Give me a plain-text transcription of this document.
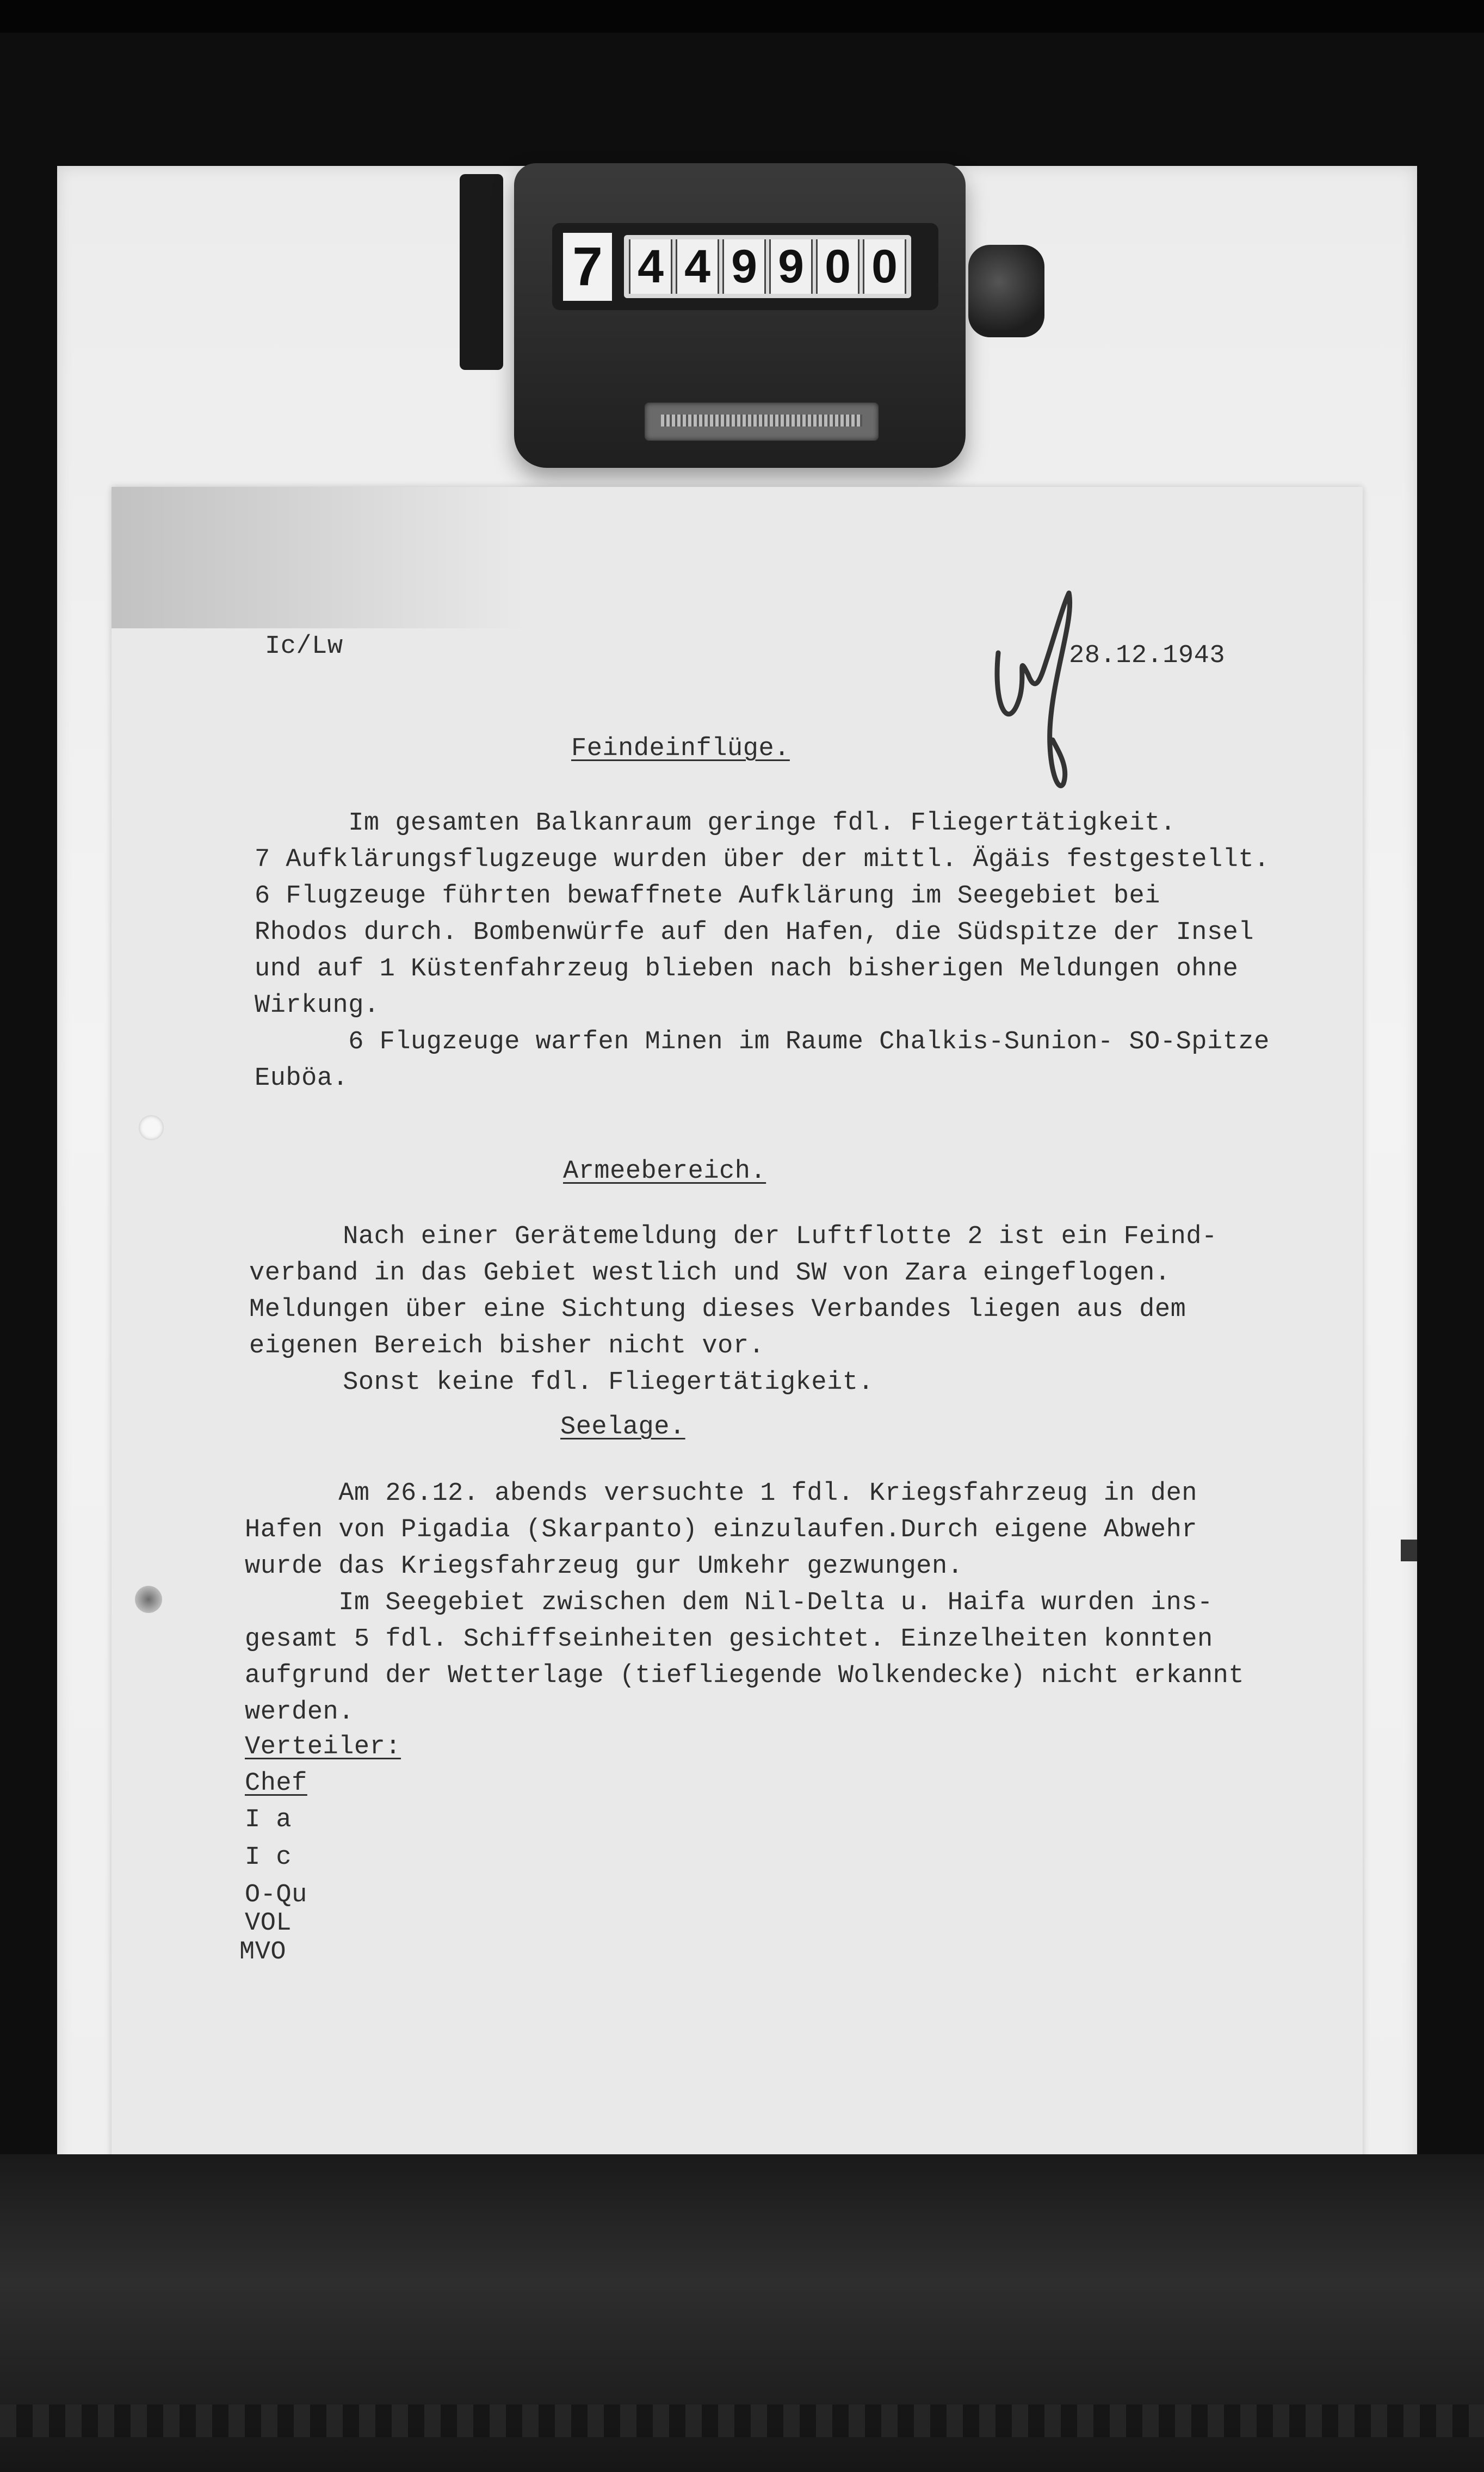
7 4 4 9 9 0 0
Ic/Lw	28.12.1943
Feindeinflüge.
Im gesamten Balkanraum geringe fdl. Fliegertätigkeit.
7 Aufklärungsflugzeuge wurden über der mittl. Ägäis festgestellt.
6 Flugzeuge führten bewaffnete Aufklärung im Seegebiet bei
Rhodos durch. Bombenwürfe auf den Hafen, die Südspitze der Insel
und auf 1 Küstenfahrzeug blieben nach bisherigen Meldungen ohne
Wirkung.
6 Flugzeuge warfen Minen im Raume Chalkis-Sunion- SO-Spitze
Euböa.
Armeebereich.
Nach einer Gerätemeldung der Luftflotte 2 ist ein Feind-
verband in das Gebiet westlich und SW von Zara eingeflogen.
Meldungen über eine Sichtung dieses Verbandes liegen aus dem
eigenen Bereich bisher nicht vor.
Sonst keine fdl. Fliegertätigkeit.
Seelage.
Am 26.12. abends versuchte 1 fdl. Kriegsfahrzeug in den
Hafen von Pigadia (Skarpanto) einzulaufen.Durch eigene Abwehr
wurde das Kriegsfahrzeug gur Umkehr gezwungen.
Im Seegebiet zwischen dem Nil-Delta u. Haifa wurden ins-
gesamt 5 fdl. Schiffseinheiten gesichtet. Einzelheiten konnten
aufgrund der Wetterlage (tiefliegende Wolkendecke) nicht erkannt
werden.
Verteiler:
Chef
I a
I c
O-Qu
VOL
MVO
